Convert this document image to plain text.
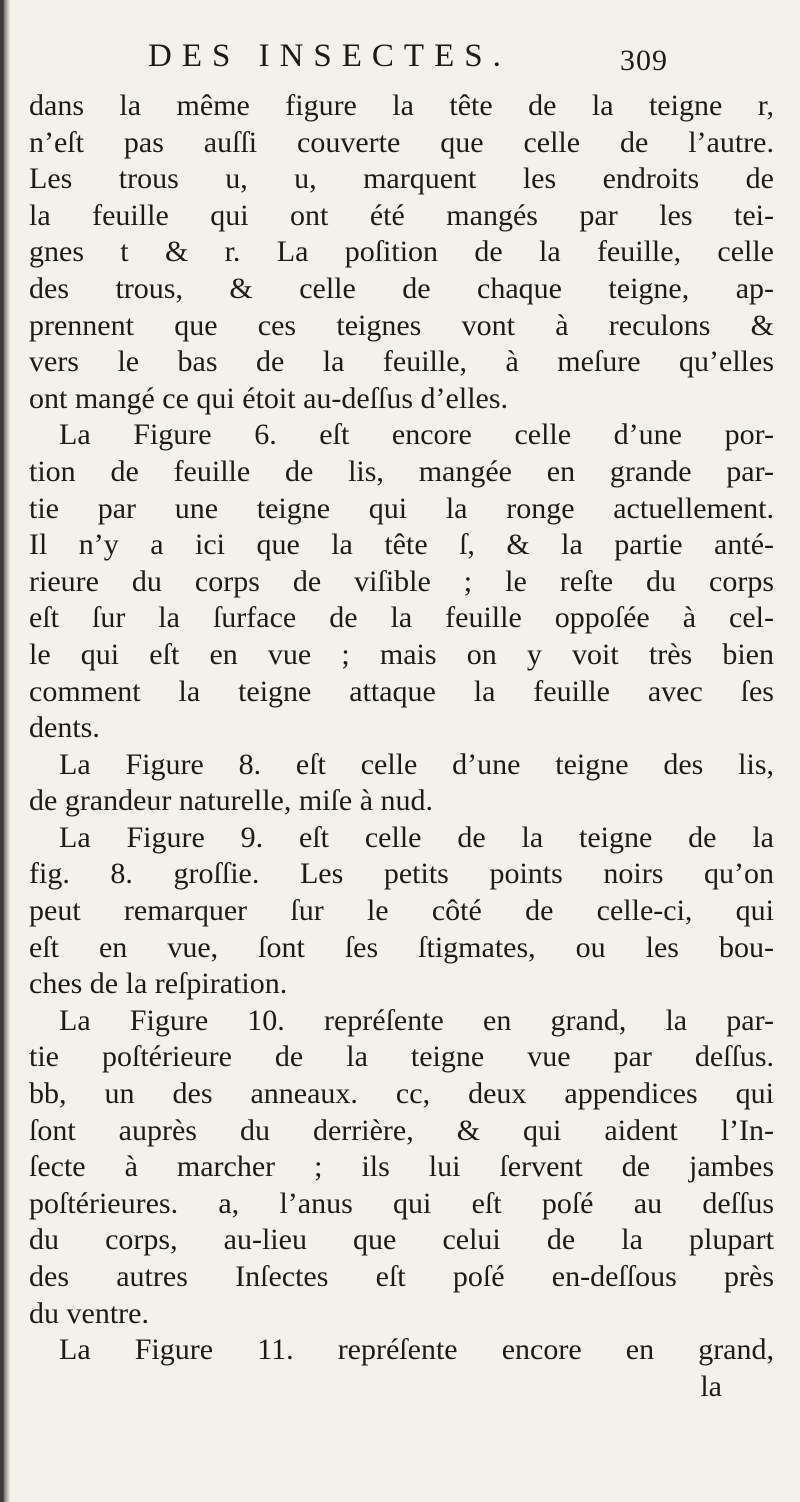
DES INSECTES.	309
dans la même figure la tête de la teigne r,
n’eſt pas auſſi couverte que celle de l’autre.
Les trous u, u, marquent les endroits de
la feuille qui ont été mangés par les tei-
gnes t & r. La poſition de la feuille, celle
des trous, & celle de chaque teigne, ap-
prennent que ces teignes vont à reculons &
vers le bas de la feuille, à meſure qu’elles
ont mangé ce qui étoit au-deſſus d’elles.
La Figure 6. eſt encore celle d’une por-
tion de feuille de lis, mangée en grande par-
tie par une teigne qui la ronge actuellement.
Il n’y a ici que la tête ſ, & la partie anté-
rieure du corps de viſible ; le reſte du corps
eſt ſur la ſurface de la feuille oppoſée à cel-
le qui eſt en vue ; mais on y voit très bien
comment la teigne attaque la feuille avec ſes
dents.
La Figure 8. eſt celle d’une teigne des lis,
de grandeur naturelle, miſe à nud.
La Figure 9. eſt celle de la teigne de la
fig. 8. groſſie. Les petits points noirs qu’on
peut remarquer ſur le côté de celle-ci, qui
eſt en vue, ſont ſes ſtigmates, ou les bou-
ches de la reſpiration.
La Figure 10. repréſente en grand, la par-
tie poſtérieure de la teigne vue par deſſus.
bb, un des anneaux. cc, deux appendices qui
ſont auprès du derrière, & qui aident l’In-
ſecte à marcher ; ils lui ſervent de jambes
poſtérieures. a, l’anus qui eſt poſé au deſſus
du corps, au-lieu que celui de la plupart
des autres Inſectes eſt poſé en-deſſous près
du ventre.
La Figure 11. repréſente encore en grand,
la
